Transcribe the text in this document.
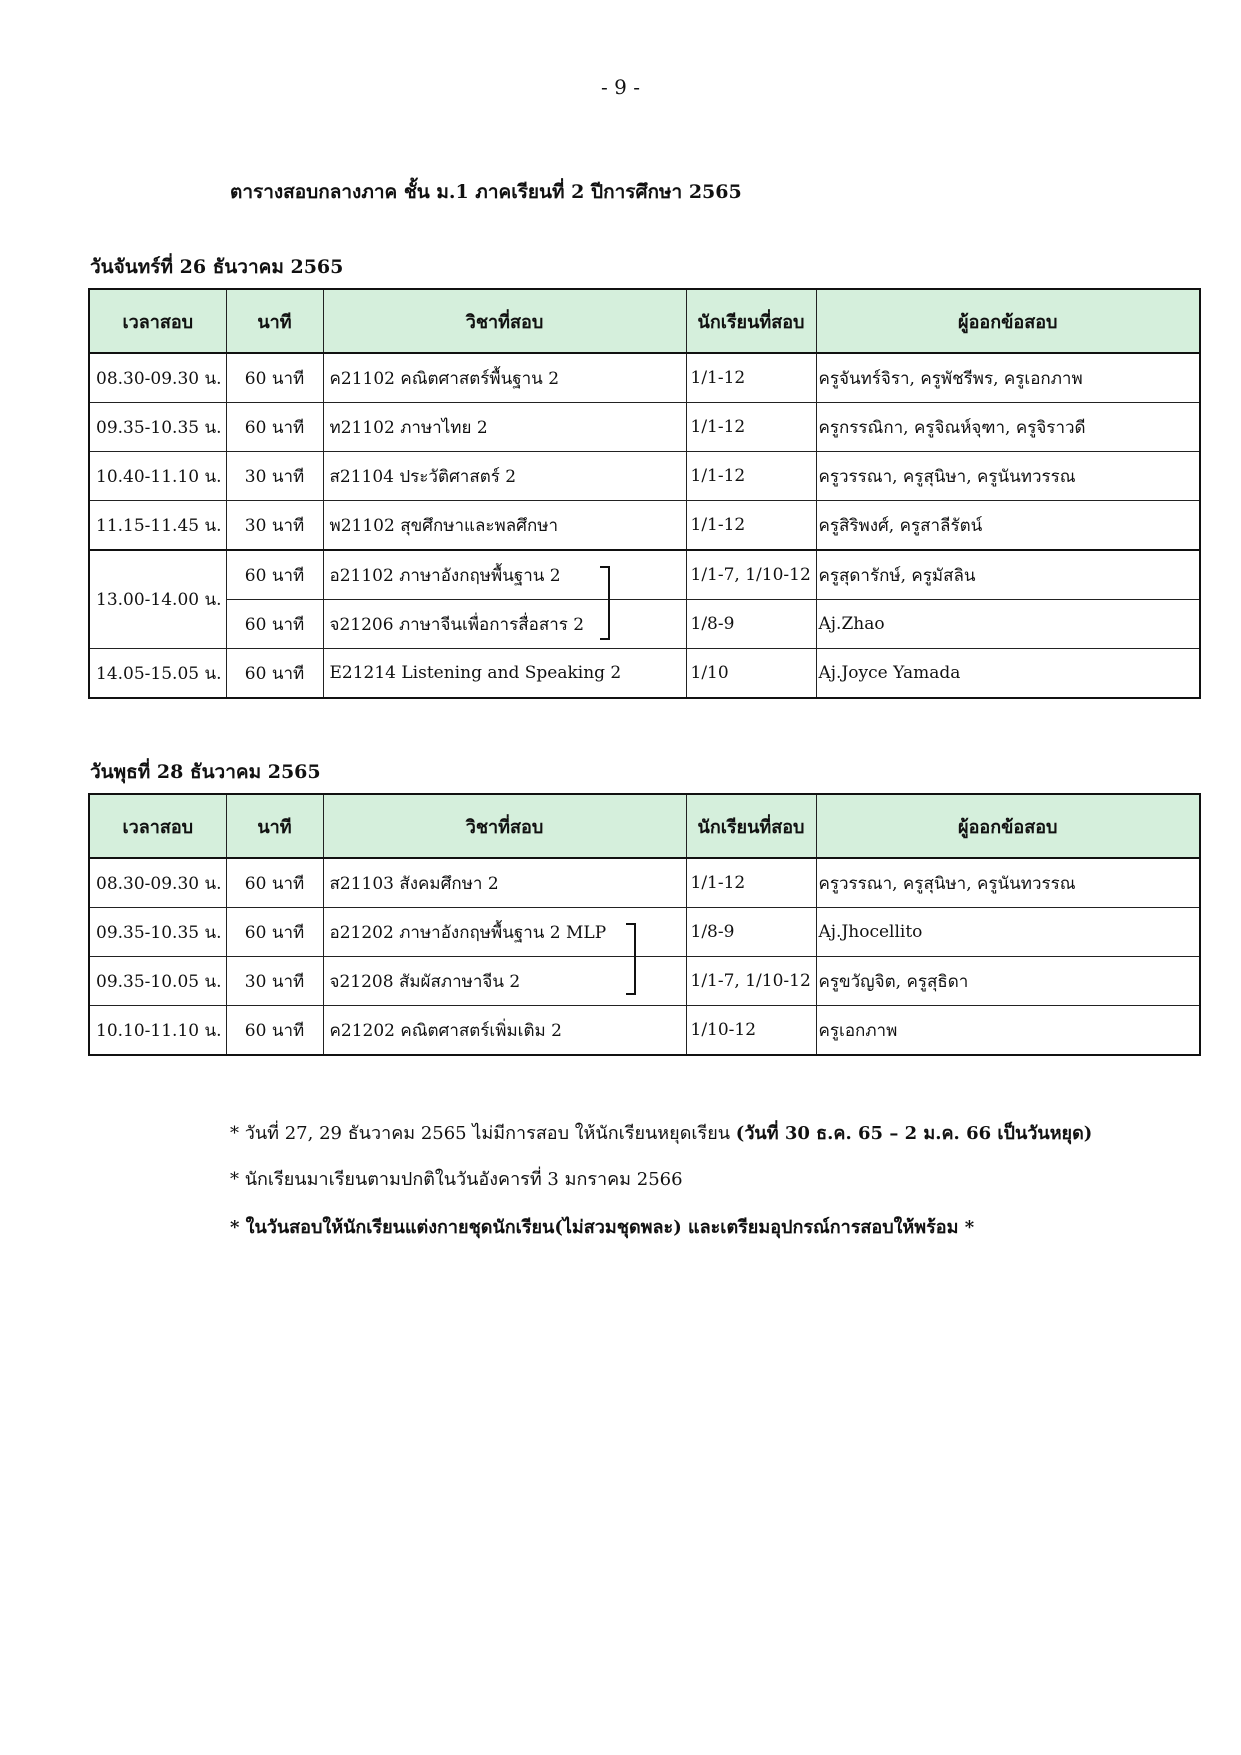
- 9 -
ตารางสอบกลางภาค ชั้น ม.1 ภาคเรียนที่ 2 ปีการศึกษา 2565
วันจันทร์ที่ 26 ธันวาคม 2565
เวลาสอบ	นาที	วิชาที่สอบ	นักเรียนที่สอบ	ผู้ออกข้อสอบ
08.30-09.30 น.	60 นาที	ค21102 คณิตศาสตร์พื้นฐาน 2	1/1-12	ครูจันทร์จิรา, ครูพัชรีพร, ครูเอกภาพ
09.35-10.35 น.	60 นาที	ท21102 ภาษาไทย 2	1/1-12	ครูกรรณิกา, ครูจิณห์จุฑา, ครูจิราวดี
10.40-11.10 น.	30 นาที	ส21104 ประวัติศาสตร์ 2	1/1-12	ครูวรรณา, ครูสุนิษา, ครูนันทวรรณ
11.15-11.45 น.	30 นาที	พ21102 สุขศึกษาและพลศึกษา	1/1-12	ครูสิริพงศ์, ครูสาลีรัตน์
13.00-14.00 น.	60 นาที	อ21102 ภาษาอังกฤษพื้นฐาน 2	1/1-7, 1/10-12	ครูสุดารักษ์, ครูมัสลิน
	60 นาที	จ21206 ภาษาจีนเพื่อการสื่อสาร 2	1/8-9	Aj.Zhao
14.05-15.05 น.	60 นาที	E21214 Listening and Speaking 2	1/10	Aj.Joyce Yamada
วันพุธที่ 28 ธันวาคม 2565
เวลาสอบ	นาที	วิชาที่สอบ	นักเรียนที่สอบ	ผู้ออกข้อสอบ
08.30-09.30 น.	60 นาที	ส21103 สังคมศึกษา 2	1/1-12	ครูวรรณา, ครูสุนิษา, ครูนันทวรรณ
09.35-10.35 น.	60 นาที	อ21202 ภาษาอังกฤษพื้นฐาน 2 MLP	1/8-9	Aj.Jhocellito
09.35-10.05 น.	30 นาที	จ21208 สัมผัสภาษาจีน 2	1/1-7, 1/10-12	ครูขวัญจิต, ครูสุธิดา
10.10-11.10 น.	60 นาที	ค21202 คณิตศาสตร์เพิ่มเติม 2	1/10-12	ครูเอกภาพ
* วันที่ 27, 29 ธันวาคม 2565 ไม่มีการสอบ ให้นักเรียนหยุดเรียน (วันที่ 30 ธ.ค. 65 – 2 ม.ค. 66 เป็นวันหยุด)
* นักเรียนมาเรียนตามปกติในวันอังคารที่ 3 มกราคม 2566
* ในวันสอบให้นักเรียนแต่งกายชุดนักเรียน(ไม่สวมชุดพละ) และเตรียมอุปกรณ์การสอบให้พร้อม *
